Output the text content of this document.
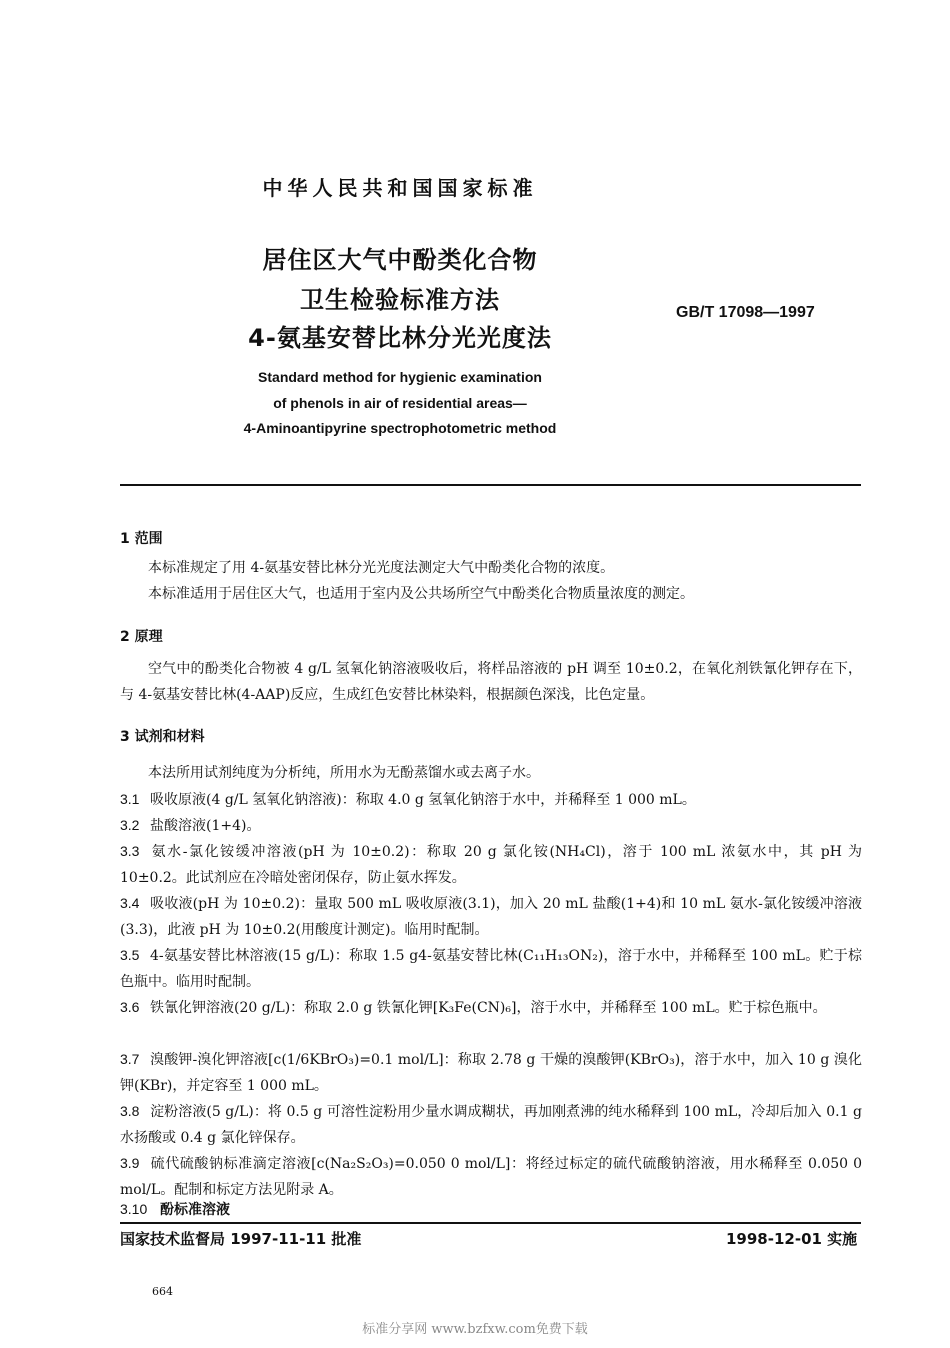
中华人民共和国国家标准
居住区大气中酚类化合物
卫生检验标准方法
4-氨基安替比林分光光度法
GB/T 17098—1997
Standard method for hygienic examination
of phenols in air of residential areas—
4-Aminoantipyrine spectrophotometric method
1 范围
本标准规定了用 4-氨基安替比林分光光度法测定大气中酚类化合物的浓度。
本标准适用于居住区大气，也适用于室内及公共场所空气中酚类化合物质量浓度的测定。
2 原理
空气中的酚类化合物被 4 g/L 氢氧化钠溶液吸收后，将样品溶液的 pH 调至 10±0.2，在氧化剂铁氰化钾存在下，与 4-氨基安替比林(4-AAP)反应，生成红色安替比林染料，根据颜色深浅，比色定量。
3 试剂和材料
本法所用试剂纯度为分析纯，所用水为无酚蒸馏水或去离子水。
3.1 吸收原液(4 g/L 氢氧化钠溶液)：称取 4.0 g 氢氧化钠溶于水中，并稀释至 1 000 mL。
3.2 盐酸溶液(1+4)。
3.3 氨水-氯化铵缓冲溶液(pH 为 10±0.2)：称取 20 g 氯化铵(NH₄Cl)，溶于 100 mL 浓氨水中，其 pH 为 10±0.2。此试剂应在冷暗处密闭保存，防止氨水挥发。
3.4 吸收液(pH 为 10±0.2)：量取 500 mL 吸收原液(3.1)，加入 20 mL 盐酸(1+4)和 10 mL 氨水-氯化铵缓冲溶液(3.3)，此液 pH 为 10±0.2(用酸度计测定)。临用时配制。
3.5 4-氨基安替比林溶液(15 g/L)：称取 1.5 g4-氨基安替比林(C₁₁H₁₃ON₂)，溶于水中，并稀释至 100 mL。贮于棕色瓶中。临用时配制。
3.6 铁氰化钾溶液(20 g/L)：称取 2.0 g 铁氰化钾[K₃Fe(CN)₆]，溶于水中，并稀释至 100 mL。贮于棕色瓶中。
3.7 溴酸钾-溴化钾溶液[c(1/6KBrO₃)=0.1 mol/L]：称取 2.78 g 干燥的溴酸钾(KBrO₃)，溶于水中，加入 10 g 溴化钾(KBr)，并定容至 1 000 mL。
3.8 淀粉溶液(5 g/L)：将 0.5 g 可溶性淀粉用少量水调成糊状，再加刚煮沸的纯水稀释到 100 mL，冷却后加入 0.1 g 水扬酸或 0.4 g 氯化锌保存。
3.9 硫代硫酸钠标准滴定溶液[c(Na₂S₂O₃)=0.050 0 mol/L]：将经过标定的硫代硫酸钠溶液，用水稀释至 0.050 0 mol/L。配制和标定方法见附录 A。
3.10 酚标准溶液
国家技术监督局 1997-11-11 批准	1998-12-01 实施
664
标准分享网 www.bzfxw.com免费下载
